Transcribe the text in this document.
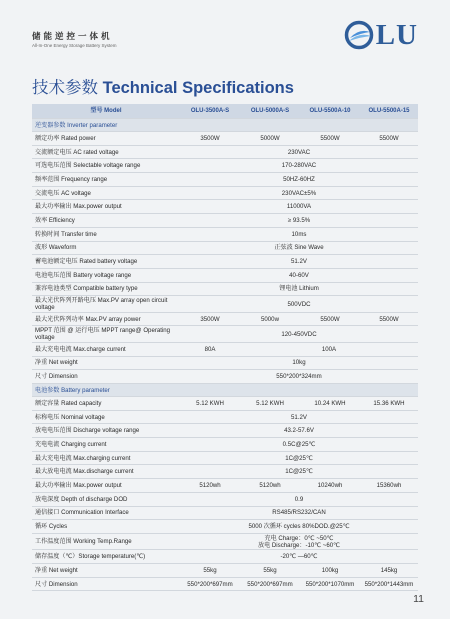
储能逆控一体机
All-In-One Energy Storage Battery System	LU
技术参数 Technical Specifications
型号 Model	OLU-3500A-S	OLU-5000A-S	OLU-5500A-10	OLU-5500A-15
逆变器参数 Inverter parameter				
额定功率 Rated power	3500W	5000W	5500W	5500W
交流额定电压 AC rated voltage	230VAC			
可选电压范围 Selectable voltage range	170-280VAC			
频率范围 Frequency range	50HZ-60HZ			
交流电压 AC voltage	230VAC±5%			
最大功率输出 Max.power output	11000VA			
效率 Efficiency	≥ 93.5%			
转换时间 Transfer time	10ms			
波形 Waveform	正弦波 Sine Wave			
蓄电池额定电压 Rated battery voltage	51.2V			
电池电压范围 Battery voltage range	40-60V			
兼容电池类型 Compatible battery type	锂电池 Lithium			
最大光伏阵列开路电压 Max.PV array open circuit voltage	500VDC			
最大光伏阵列功率 Max.PV array power	3500W	5000w	5500W	5500W
MPPT 范围 @ 运行电压 MPPT range@ Operating voltage	120-450VDC			
最大充电电流 Max.charge current	80A	100A		
净重 Net weight	10kg			
尺寸 Dimension	550*200*324mm			
电池参数 Battery parameter				
额定容量 Rated capacity	5.12 KWH	5.12 KWH	10.24 KWH	15.36 KWH
标称电压 Nominal voltage	51.2V			
放电电压范围 Discharge voltage range	43.2-57.6V			
充电电流 Charging current	0.5C@25℃			
最大充电电流 Max.charging current	1C@25℃			
最大放电电流 Max.discharge current	1C@25℃			
最大功率输出 Max.power output	5120wh	5120wh	10240wh	15360wh
放电深度 Depth of discharge DOD	0.9			
通信接口 Communication Interface	RS485/RS232/CAN			
循环 Cycles	5000 次循环 cycles 80%DOD.@25℃			
工作温度范围 Working Temp.Range	充电 Charge：0℃ ~50℃
放电 Discharge：-10℃ ~60℃			

储存温度（℃）Storage temperature(℃)	-20℃ —60℃			
净重 Net weight	55kg	55kg	100kg	145kg
尺寸 Dimension	550*200*697mm	550*200*697mm	550*200*1070mm	550*200*1443mm
11
